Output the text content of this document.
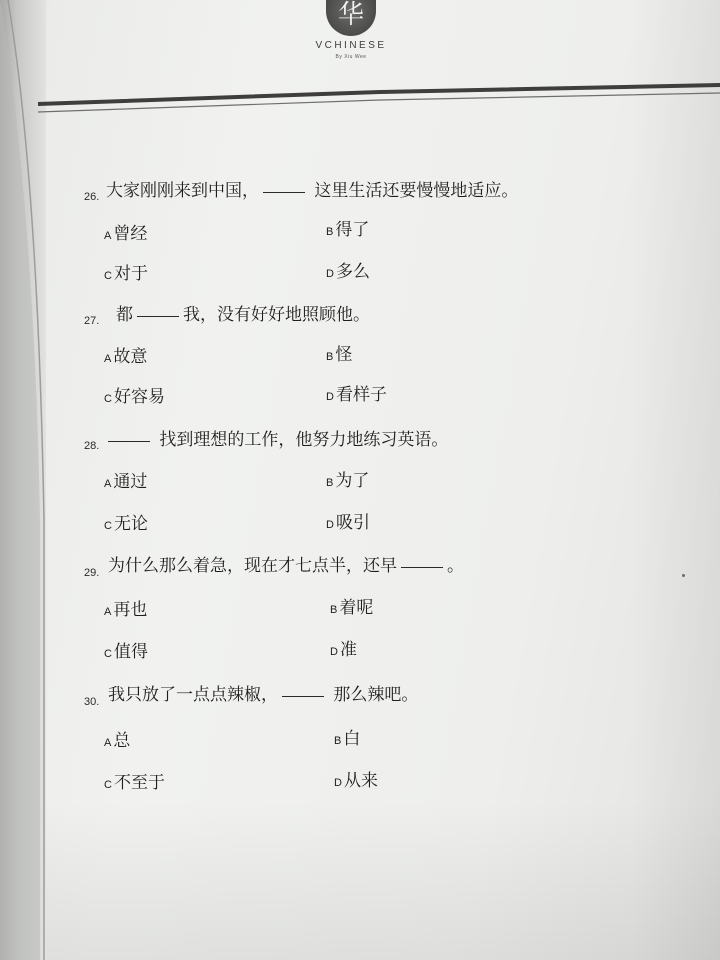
华
VCHINESE
By Xiu Wee
26. 大家刚刚来到中国，	这里生活还要慢慢地适应。
A 曾经	B 得了
C 对于	D 多么
27. 都	我，没有好好地照顾他。
A 故意	B 怪
C 好容易	D 看样子
28.	找到理想的工作，他努力地练习英语。
A 通过	B 为了
C 无论	D 吸引
29. 为什么那么着急，现在才七点半，还早	。
A 再也	B 着呢
C 值得	D 准
30. 我只放了一点点辣椒，	那么辣吧。
A 总	B 白
C 不至于	D 从来
